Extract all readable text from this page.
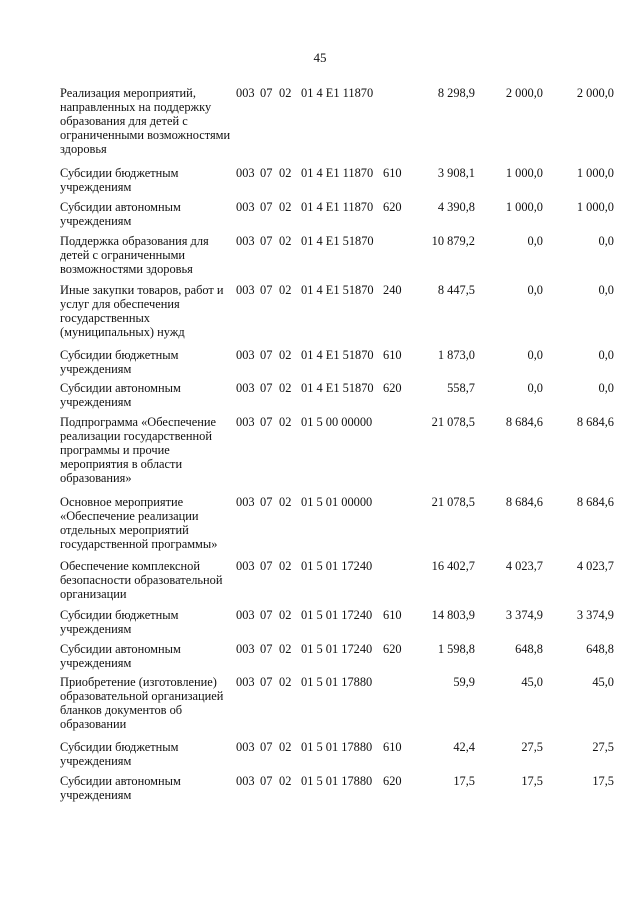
45
Реализация мероприятий, направленных на поддержку образования для детей с ограниченными возможностями здоровья
003 07 02 01 4 Е1 11870	8 298,9	2 000,0	2 000,0
Субсидии бюджетным учреждениям
003 07 02 01 4 Е1 11870 610	3 908,1	1 000,0	1 000,0
Субсидии автономным учреждениям
003 07 02 01 4 Е1 11870 620	4 390,8	1 000,0	1 000,0
Поддержка образования для детей с ограниченными возможностями здоровья
003 07 02 01 4 Е1 51870	10 879,2	0,0	0,0
Иные закупки товаров, работ и услуг для обеспечения государственных (муниципальных) нужд
003 07 02 01 4 Е1 51870 240	8 447,5	0,0	0,0
Субсидии бюджетным учреждениям
003 07 02 01 4 Е1 51870 610	1 873,0	0,0	0,0
Субсидии автономным учреждениям
003 07 02 01 4 Е1 51870 620	558,7	0,0	0,0
Подпрограмма «Обеспечение реализации государственной программы и прочие мероприятия в области образования»
003 07 02 01 5 00 00000	21 078,5	8 684,6	8 684,6
Основное мероприятие «Обеспечение реализации отдельных мероприятий государственной программы»
003 07 02 01 5 01 00000	21 078,5	8 684,6	8 684,6
Обеспечение комплексной безопасности образовательной организации
003 07 02 01 5 01 17240	16 402,7	4 023,7	4 023,7
Субсидии бюджетным учреждениям
003 07 02 01 5 01 17240 610	14 803,9	3 374,9	3 374,9
Субсидии автономным учреждениям
003 07 02 01 5 01 17240 620	1 598,8	648,8	648,8
Приобретение (изготовление) образовательной организацией бланков документов об образовании
003 07 02 01 5 01 17880	59,9	45,0	45,0
Субсидии бюджетным учреждениям
003 07 02 01 5 01 17880 610	42,4	27,5	27,5
Субсидии автономным учреждениям
003 07 02 01 5 01 17880 620	17,5	17,5	17,5
